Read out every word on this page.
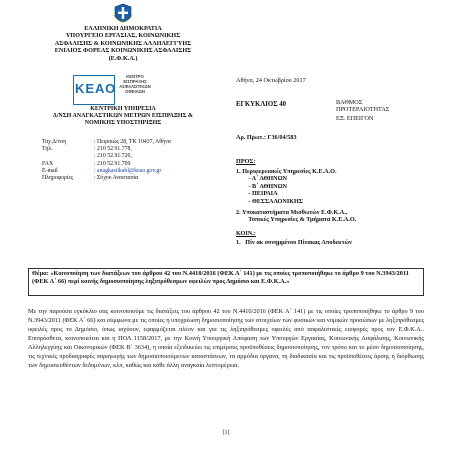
ΕΛΛΗΝΙΚΗ ΔΗΜΟΚΡΑΤΙΑ
ΥΠΟΥΡΓΕΙΟ ΕΡΓΑΣΙΑΣ, ΚΟΙΝΩΝΙΚΗΣ
ΑΣΦΑΛΙΣΗΣ & ΚΟΙΝΩΝΙΚΗΣ ΑΛΛΗΛΕΓΓΥΗΣ
ΕΝΙΑΙΟΣ ΦΟΡΕΑΣ ΚΟΙΝΩΝΙΚΗΣ ΑΣΦΑΛΙΣΗΣ
(Ε.Φ.Κ.Α.)
ΚΕΑΟ
ΚΕΝΤΡΟ ΕΙΣΠΡΑΞΗΣ ΑΣΦΑΛΙΣΤΙΚΩΝ ΟΦΕΙΛΩΝ
ΚΕΝΤΡΙΚΗ ΥΠΗΡΕΣΙΑ
Δ/ΝΣΗ ΑΝΑΓΚΑΣΤΙΚΩΝ ΜΕΤΡΩΝ ΕΙΣΠΡΑΞΗΣ &
ΝΟΜΙΚΗΣ ΥΠΟΣΤΗΡΙΞΗΣ
Ταχ.Δ/νση	: Πειραιώς 28, ΤΚ 10437, Αθήνα
Τηλ.	: 210 52.91.778,
: 210 52.91.720,
FAX	: 210 52.91.709
E-mail	: anagkastikabl@keao.gov.gr
Πληροφορίες	: Σόχου Αναστασία
Αθήνα, 24 Οκτωβρίου 2017
ΕΓΚΥΚΛΙΟΣ 40	ΒΑΘΜΟΣ
ΠΡΟΤΕΡΑΙΟΤΗΤΑΣ
ΕΞ. ΕΠΕΙΓΟΝ
Αρ. Πρωτ.: Γ36/04/583
ΠΡΟΣ:
1. Περιφερειακές Υπηρεσίες Κ.Ε.Α.Ο.
- Α΄ ΑΘΗΝΩΝ
- Β΄ ΑΘΗΝΩΝ
- ΠΕΙΡΑΙΑ
- ΘΕΣΣΑΛΟΝΙΚΗΣ
2. Υποκαταστήματα Μισθωτών Ε.Φ.Κ.Α.,
Τοπικές Υπηρεσίες & Τμήματα Κ.Ε.Α.Ο.
ΚΟΙΝ.:
1.   Πίν ακ συνημμένου Πίνακας Αποδεκτών
Θέμα: «Κοινοποίηση των διατάξεων του άρθρου 42 του Ν.4410/2016 (ΦΕΚ Α΄ 141) με τις οποίες τροποποιήθηκε το άρθρο 9 του Ν.3943/2011 (ΦΕΚ Α΄ 66) περί κοινής δημοσιοποίησης ληξιπρόθεσμων οφειλών προς Δημόσιο και Ε.Φ.Κ.Α.»

Με την παρούσα εγκύκλιο σας κοινοποιούμε τις διατάξεις του άρθρου 42 του Ν.4410/2016 (ΦΕΚ Α΄ 141) με τις οποίες τροποποιήθηκε το άρθρο 9 του Ν.3943/2011 (ΦΕΚ Α΄ 66) και σύμφωνα με τις οποίες η υποχρέωση δημοσιοποίησης των στοιχείων των φυσικών και νομικών προσώπων με ληξιπρόθεσμες οφειλές προς το Δημόσιο, όπως ισχύουν, εφαρμόζεται πλέον και για τις ληξιπρόθεσμες οφειλές από ασφαλιστικές εισφορές προς τον Ε.Φ.Κ.Α.. Επιπρόσθετα, κοινοποιείται και η ΠΟΛ 1158/2017, με την Κοινή Υπουργική Απόφαση των Υπουργών Εργασίας, Κοινωνικής Ασφάλισης, Κοινωνικής Αλληλεγγύης και Οικονομικών (ΦΕΚ Β΄ 3634), η οποία εξειδικεύει τις επιμέρους προϋποθέσεις δημοσιοποίησης, τον τρόπο και το μέσο δημοσιοποίησης, τις τεχνικές προδιαγραφές παραγωγής των δημοσιοποιούμενων καταστάσεων, τα αρμόδια όργανα, τη διαδικασία και τις προϋποθέσεις άρσης ή διόρθωσης των δημοσιευθέντων δεδομένων, κλπ, καθώς και κάθε άλλη αναγκαία λεπτομέρεια.

[1]
